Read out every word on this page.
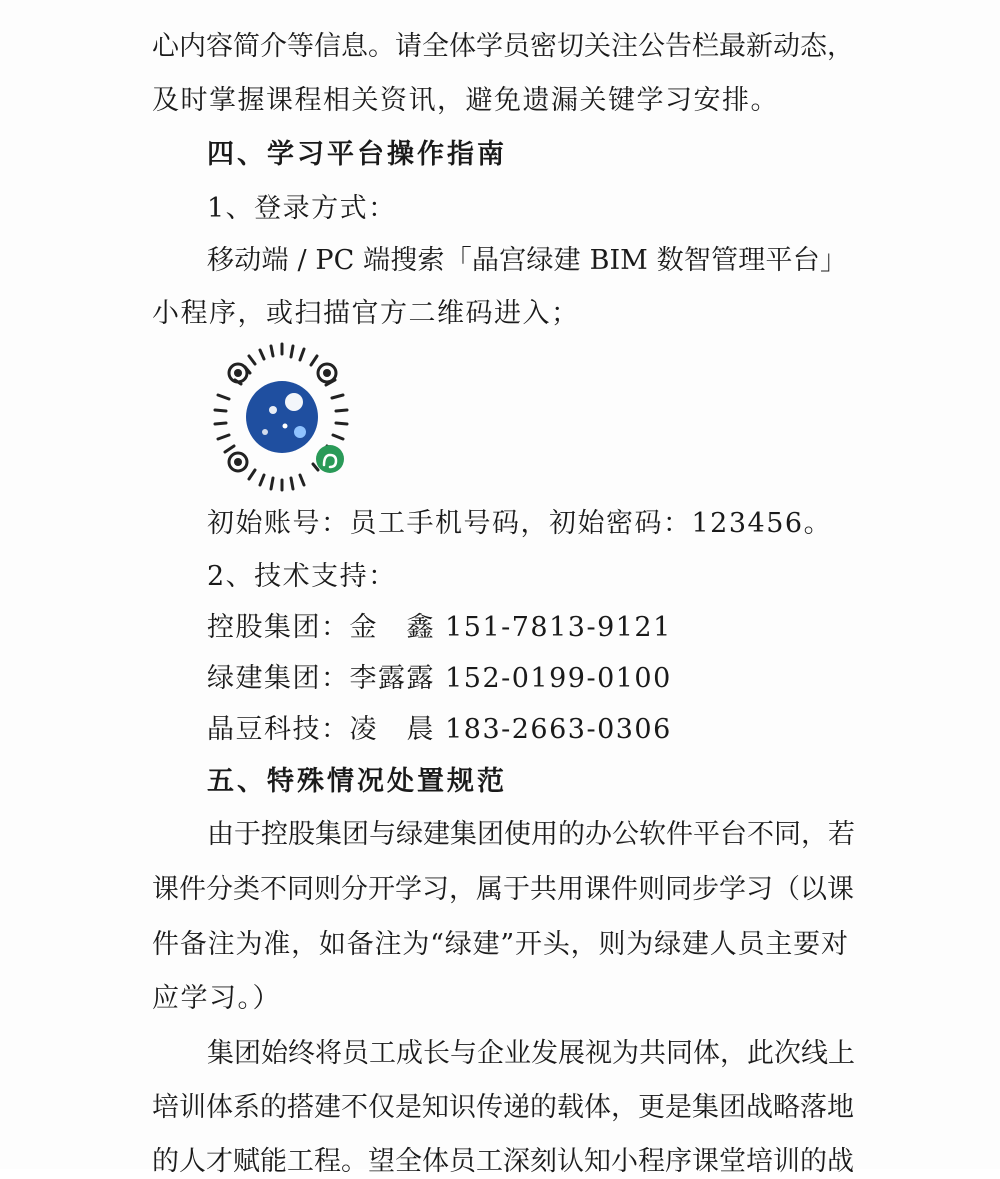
心内容简介等信息。请全体学员密切关注公告栏最新动态，
及时掌握课程相关资讯，避免遗漏关键学习安排。
四、学习平台操作指南
1、登录方式：
移动端 / PC 端搜索「晶宫绿建 BIM 数智管理平台」
小程序，或扫描官方二维码进入；
初始账号：员工手机号码，初始密码：123456。
2、技术支持：
控股集团：金　鑫 151-7813-9121
绿建集团：李露露 152-0199-0100
晶豆科技：凌　晨 183-2663-0306
五、特殊情况处置规范
由于控股集团与绿建集团使用的办公软件平台不同，若
课件分类不同则分开学习，属于共用课件则同步学习（以课
件备注为准，如备注为“绿建”开头，则为绿建人员主要对
应学习。）
集团始终将员工成长与企业发展视为共同体，此次线上
培训体系的搭建不仅是知识传递的载体，更是集团战略落地
的人才赋能工程。望全体员工深刻认知小程序课堂培训的战
